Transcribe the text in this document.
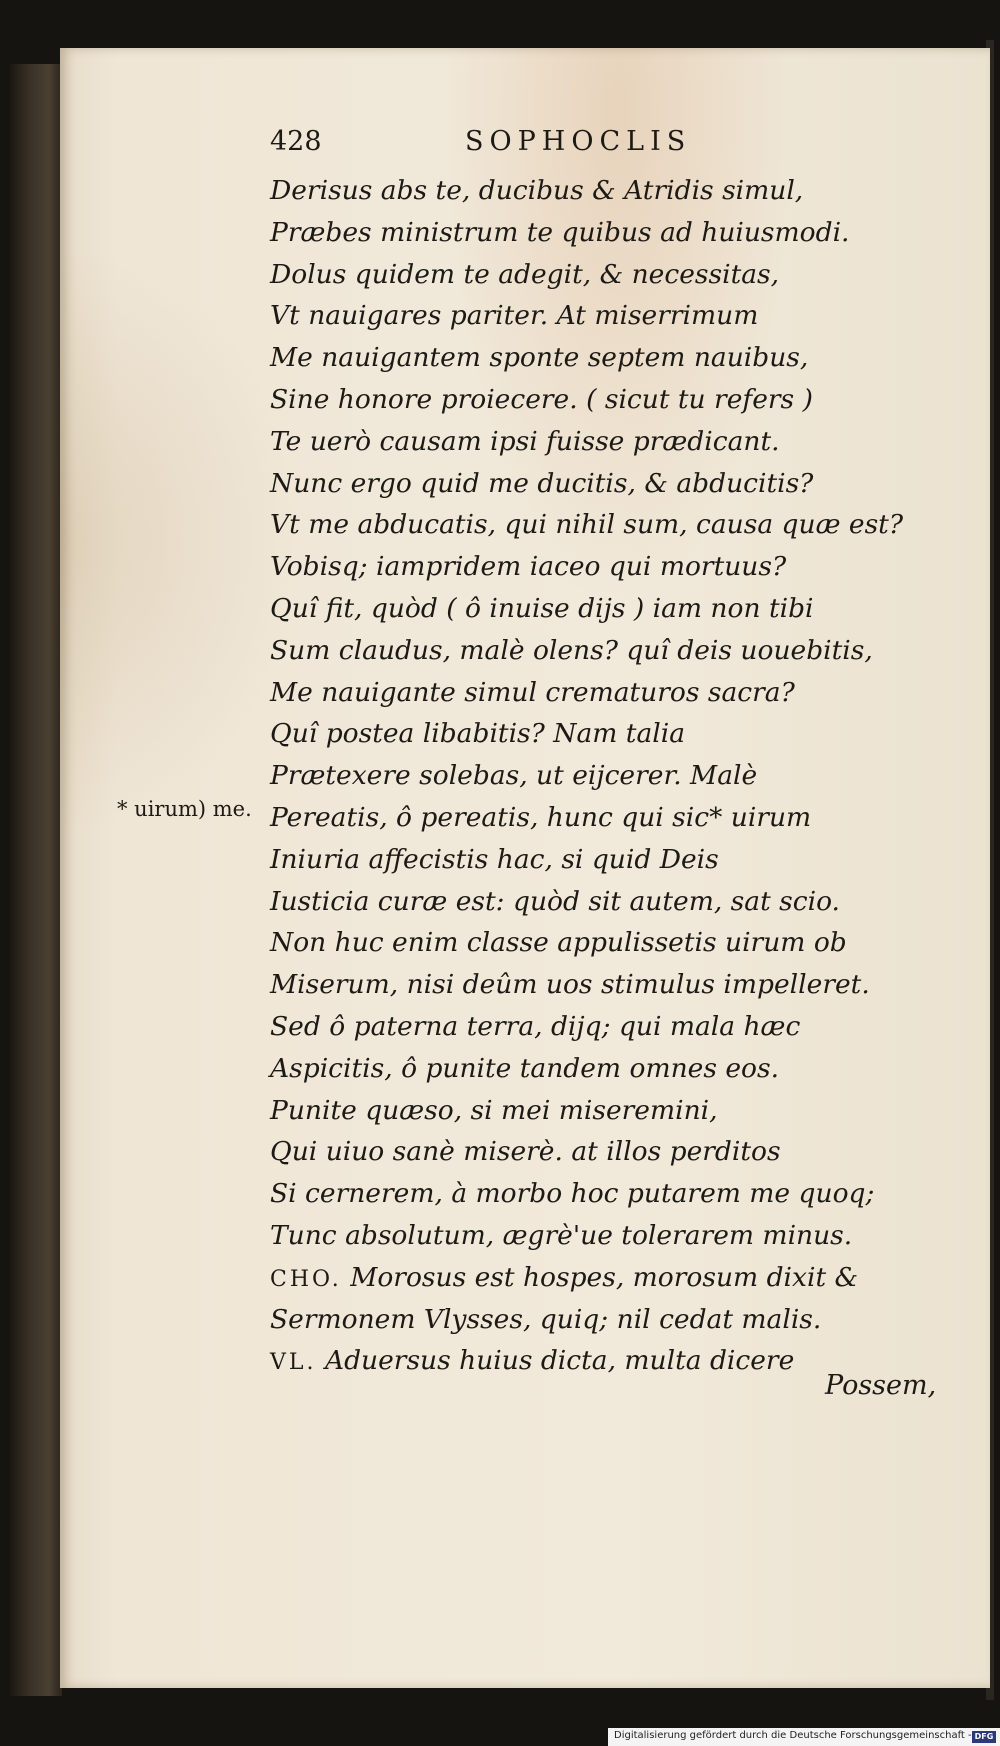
428	SOPHOCLIS
* uirum) me.
Derisus abs te, ducibus & Atridis simul,
Præbes ministrum te quibus ad huiusmodi.
Dolus quidem te adegit, & necessitas,
Vt nauigares pariter. At miserrimum
Me nauigantem sponte septem nauibus,
Sine honore proiecere. ( sicut tu refers )
Te uerò causam ipsi fuisse prædicant.
Nunc ergo quid me ducitis, & abducitis?
Vt me abducatis, qui nihil sum, causa quæ est?
Vobisq; iampridem iaceo qui mortuus?
Quî fit, quòd ( ô inuise dijs ) iam non tibi
Sum claudus, malè olens? quî deis uouebitis,
Me nauigante simul crematuros sacra?
Quî postea libabitis? Nam talia
Prætexere solebas, ut eijcerer. Malè
Pereatis, ô pereatis, hunc qui sic* uirum
Iniuria affecistis hac, si quid Deis
Iusticia curæ est: quòd sit autem, sat scio.
Non huc enim classe appulissetis uirum ob
Miserum, nisi deûm uos stimulus impelleret.
Sed ô paterna terra, dijq; qui mala hæc
Aspicitis, ô punite tandem omnes eos.
Punite quæso, si mei miseremini,
Qui uiuo sanè miserè. at illos perditos
Si cernerem, à morbo hoc putarem me quoq;
Tunc absolutum, ægrè'ue tolerarem minus.
CHO. Morosus est hospes, morosum dixit &
Sermonem Vlysses, quiq; nil cedat malis.
VL. Aduersus huius dicta, multa dicere
Possem,
Digitalisierung gefördert durch die Deutsche Forschungsgemeinschaft - DFG
